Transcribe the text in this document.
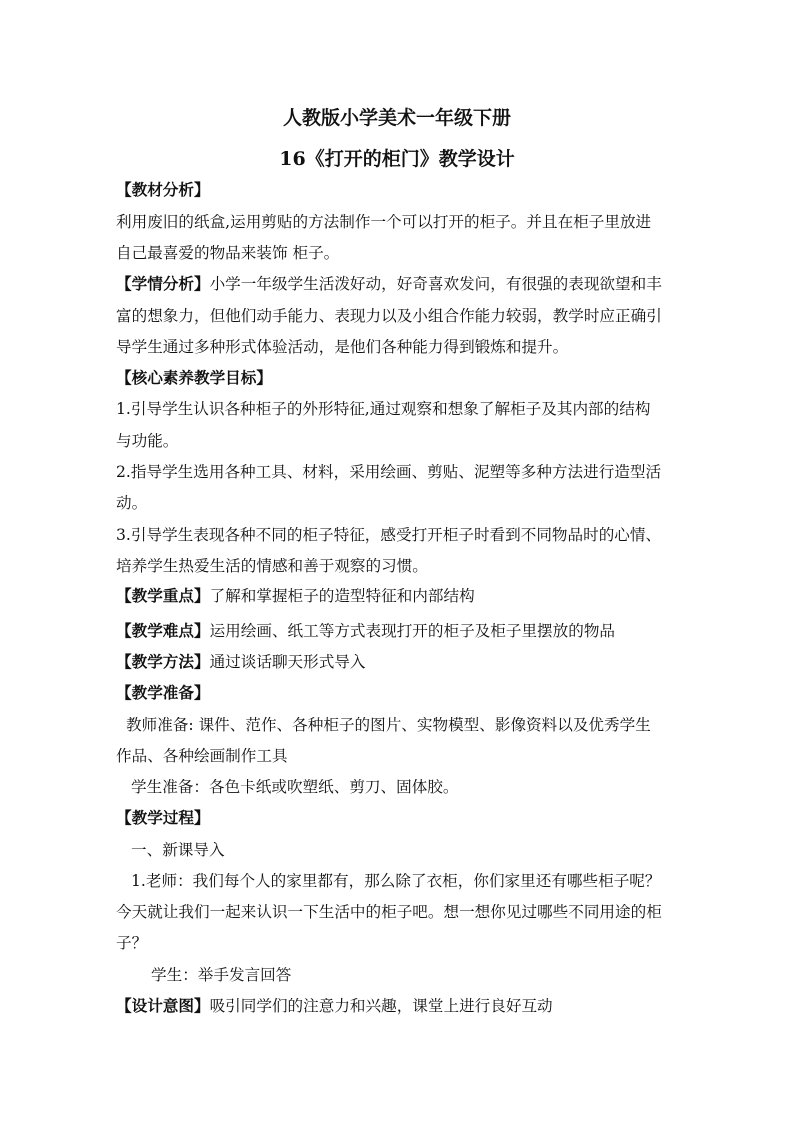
人教版小学美术一年级下册
16《打开的柜门》教学设计
【教材分析】
利用废旧的纸盒,运用剪贴的方法制作一个可以打开的柜子。并且在柜子里放进
自己最喜爱的物品来装饰 柜子。
【学情分析】小学一年级学生活泼好动，好奇喜欢发问，有很强的表现欲望和丰
富的想象力，但他们动手能力、表现力以及小组合作能力较弱，教学时应正确引
导学生通过多种形式体验活动，是他们各种能力得到锻炼和提升。
【核心素养教学目标】
1.引导学生认识各种柜子的外形特征,通过观察和想象了解柜子及其内部的结构
与功能。
2.指导学生选用各种工具、材料，采用绘画、剪贴、泥塑等多种方法进行造型活
动。
3.引导学生表现各种不同的柜子特征，感受打开柜子时看到不同物品时的心情、
培养学生热爱生活的情感和善于观察的习惯。
【教学重点】了解和掌握柜子的造型特征和内部结构
【教学难点】运用绘画、纸工等方式表现打开的柜子及柜子里摆放的物品
【教学方法】通过谈话聊天形式导入
【教学准备】
教师准备: 课件、范作、各种柜子的图片、实物模型、影像资料以及优秀学生
作品、各种绘画制作工具
学生准备：各色卡纸或吹塑纸、剪刀、固体胶。
【教学过程】
一、新课导入
1.老师：我们每个人的家里都有，那么除了衣柜，你们家里还有哪些柜子呢？
今天就让我们一起来认识一下生活中的柜子吧。想一想你见过哪些不同用途的柜
子？
学生：举手发言回答
【设计意图】吸引同学们的注意力和兴趣，课堂上进行良好互动
